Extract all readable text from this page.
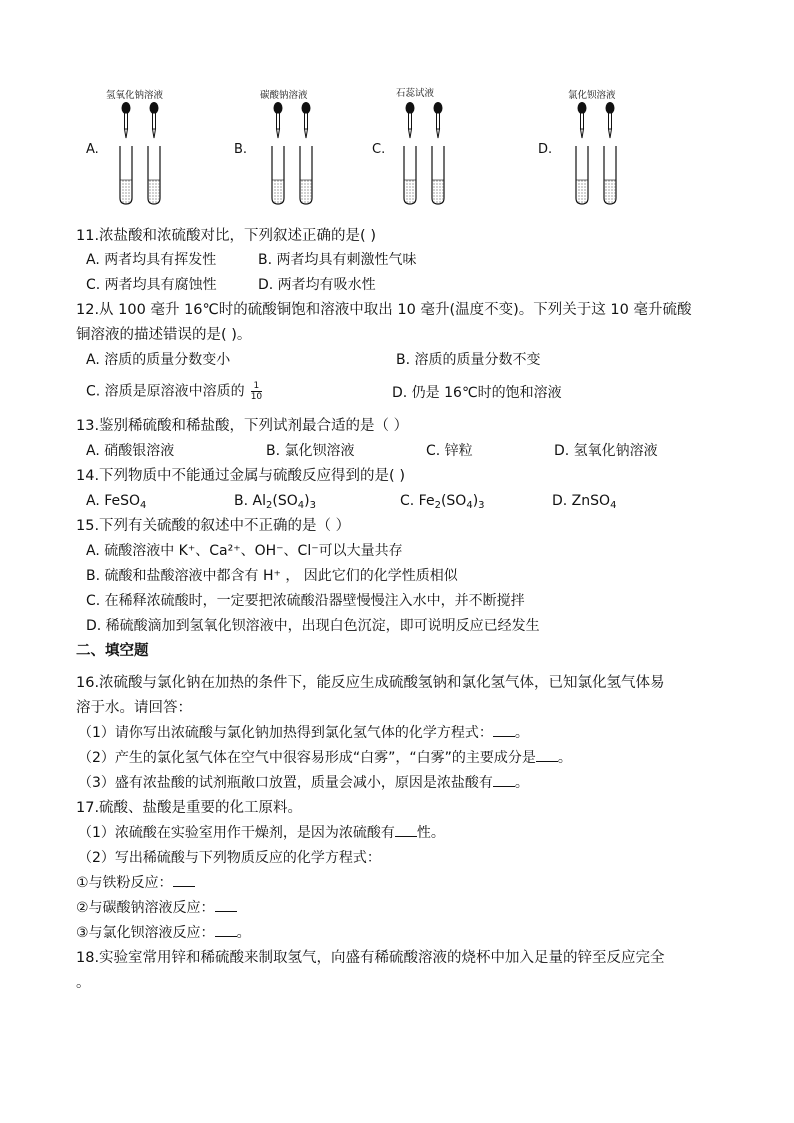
氢氧化钠溶液
A.
碳酸钠溶液
B.
石蕊试液
C.
氯化钡溶液
D.
11.浓盐酸和浓硫酸对比，下列叙述正确的是( )
A. 两者均具有挥发性	B. 两者均具有刺激性气味
C. 两者均具有腐蚀性	D. 两者均有吸水性
12.从 100 毫升 16℃时的硫酸铜饱和溶液中取出 10 毫升(温度不变)。下列关于这 10 毫升硫酸
铜溶液的描述错误的是( )。
A. 溶质的质量分数变小	B. 溶质的质量分数不变
C. 溶质是原溶液中溶质的 $\frac{1}{10}$	D. 仍是 16℃时的饱和溶液
13.鉴别稀硫酸和稀盐酸，下列试剂最合适的是（ ）
A. 硝酸银溶液	B. 氯化钡溶液	C. 锌粒	D. 氢氧化钠溶液
14.下列物质中不能通过金属与硫酸反应得到的是( )
A. FeSO$_4$	B. $Al_2(SO_4)_3$	C. $Fe_2(SO_4)_3$	D. ZnSO$_4$
15.下列有关硫酸的叙述中不正确的是（ ）
A. 硫酸溶液中 K⁺、Ca²⁺、OH⁻、Cl⁻可以大量共存
B. 硫酸和盐酸溶液中都含有 H⁺ ， 因此它们的化学性质相似
C. 在稀释浓硫酸时，一定要把浓硫酸沿器壁慢慢注入水中，并不断搅拌
D. 稀硫酸滴加到氢氧化钡溶液中，出现白色沉淀，即可说明反应已经发生
二、填空题
16.浓硫酸与氯化钠在加热的条件下，能反应生成硫酸氢钠和氯化氢气体，已知氯化氢气体易
溶于水。请回答：
（1）请你写出浓硫酸与氯化钠加热得到氯化氢气体的化学方程式： 。
（2）产生的氯化氢气体在空气中很容易形成“白雾”，“白雾”的主要成分是 。
（3）盛有浓盐酸的试剂瓶敞口放置，质量会减小，原因是浓盐酸有 。
17.硫酸、盐酸是重要的化工原料。
（1）浓硫酸在实验室用作干燥剂，是因为浓硫酸有 性。
（2）写出稀硫酸与下列物质反应的化学方程式：
①与铁粉反应：
②与碳酸钠溶液反应：
③与氯化钡溶液反应： 。
18.实验室常用锌和稀硫酸来制取氢气，向盛有稀硫酸溶液的烧杯中加入足量的锌至反应完全
。
